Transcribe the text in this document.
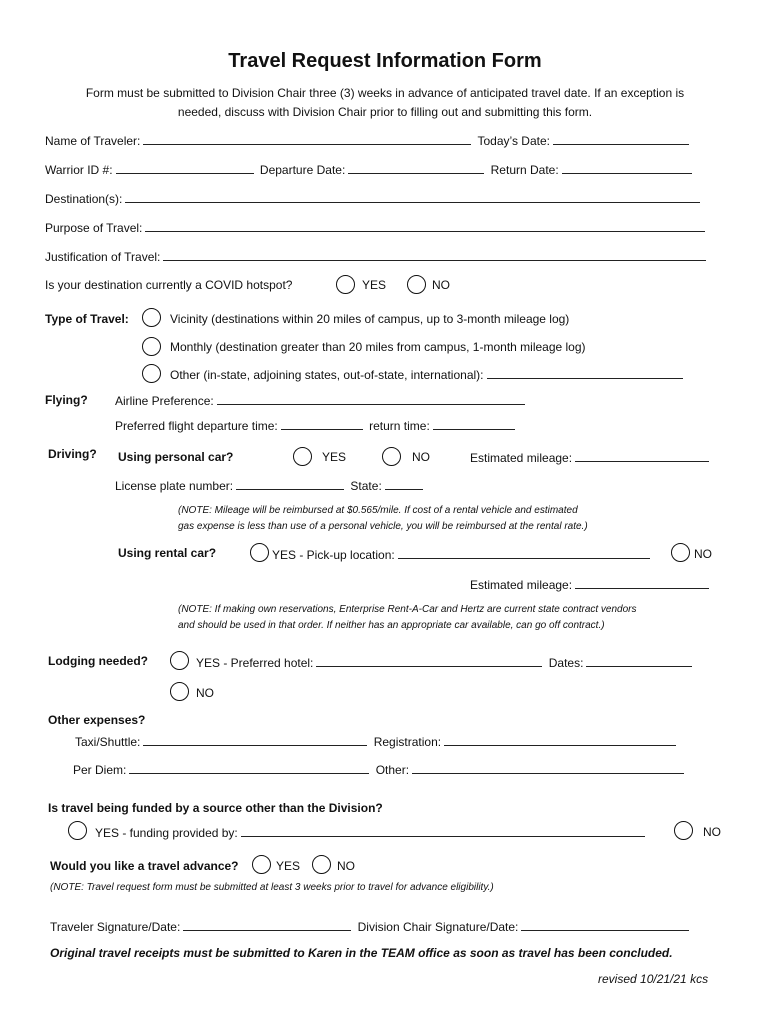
Travel Request Information Form
Form must be submitted to Division Chair three (3) weeks in advance of anticipated travel date. If an exception is
needed, discuss with Division Chair prior to filling out and submitting this form.
Name of Traveler:	Today’s Date:
Warrior ID #:	Departure Date:	Return Date:
Destination(s):
Purpose of Travel:
Justification of Travel:
Is your destination currently a COVID hotspot?	YES	NO
Type of Travel:	Vicinity (destinations within 20 miles of campus, up to 3-month mileage log)
Monthly (destination greater than 20 miles from campus, 1-month mileage log)
Other (in-state, adjoining states, out-of-state, international):
Flying? Airline Preference:
Preferred flight departure time:	return time:
Driving? Using personal car?	YES	NO	Estimated mileage:
License plate number:	State:
(NOTE: Mileage will be reimbursed at $0.565/mile. If cost of a rental vehicle and estimated
gas expense is less than use of a personal vehicle, you will be reimbursed at the rental rate.)
Using rental car?	YES - Pick-up location:	NO
Estimated mileage:
(NOTE: If making own reservations, Enterprise Rent-A-Car and Hertz are current state contract vendors
and should be used in that order. If neither has an appropriate car available, can go off contract.)
Lodging needed?	YES - Preferred hotel:	Dates:
NO
Other expenses?
Taxi/Shuttle:	Registration:
Per Diem:	Other:
Is travel being funded by a source other than the Division?
YES - funding provided by:	NO
Would you like a travel advance?	YES	NO
(NOTE: Travel request form must be submitted at least 3 weeks prior to travel for advance eligibility.)
Traveler Signature/Date:	Division Chair Signature/Date:
Original travel receipts must be submitted to Karen in the TEAM office as soon as travel has been concluded.
revised 10/21/21 kcs
